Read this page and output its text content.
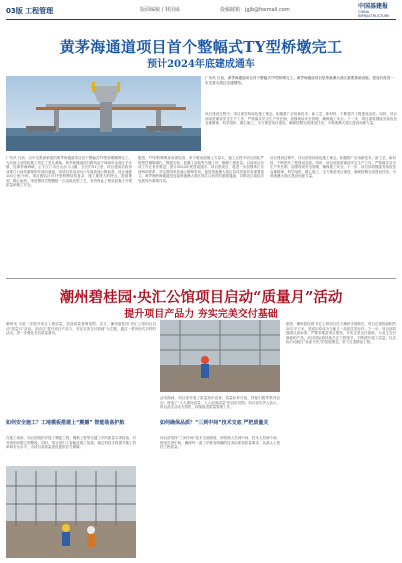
03版 工程管理	版面编辑 / 林国威	投稿邮箱：jgjb@foxmail.com	中国基建报
CHINA INFRASTRUCTURE
黄茅海通道项目首个整幅式TY型桥墩完工
预计2024年底建成通车
广东讯 日前，黄茅海通道项目首个整幅式TY型桥墩完工。黄茅海通道项目是粤港澳大湾区重要基础设施，建成后将进一步完善大湾区交通网络。
项目建设过程中，项目部坚持绿色施工理念，积极推广应用新技术、新工艺、新材料，不断提升工程建设品质。同时，项目部高度重视安全生产工作，严格落实安全生产责任制，加强现场安全管理，确保施工安全。下一步，项目部将继续发扬攻坚克难精神，科学组织、精心施工，全力推进项目建设，确保按期完成建设任务，为粤港澳大湾区建设贡献力量。
广东讯 日前，由中交集团承建的黄茅海通道项目首个整幅式TY型桥墩顺利完工，为后续上部结构施工奠定了坚实基础。黄茅海通道项目路线起于珠海市金湾区平沙镇，经黄茅海海域，止于江门市台山市斗山镇，全长约31公里，项目建成后将形成珠江口西岸重要的东西向通道。该项目采用双向六车道高速公路标准，设计速度100公里/小时。项目团队针对TY型桥墩结构复杂、施工难度大的特点，提前策划、精心组织，采用整体式钢模板一次浇筑成型工艺，有效保证了墩身混凝土外观质量和施工安全。
据悉，TY型桥墩墩身高度较高，单个墩身混凝土方量大，施工过程中项目团队严格把控钢筋绑扎、模板安装、混凝土浇筑等关键工序，确保工程质量。目前项目各项工作正有序推进，预计2024年底建成通车。项目建成后，将进一步加强珠江东西两岸联系，对完善国家高速公路网布局、促进粤港澳大湾区协同发展具有重要意义。黄茅海跨海通道是连接粤港澳大湾区珠江口西岸的重要通道，对推动区域经济发展具有重要作用。
项目建设过程中，项目部坚持绿色施工理念，积极推广应用新技术、新工艺、新材料，不断提升工程建设品质。同时，项目部高度重视安全生产工作，严格落实安全生产责任制，加强现场安全管理，确保施工安全。下一步，项目部将继续发扬攻坚克难精神，科学组织、精心施工，全力推进项目建设，确保按期完成建设任务，为粤港澳大湾区建设贡献力量。
潮州碧桂园·央汇公馆项目启动“质量月”活动
提升项目产品力 夯实完美交付基础
潮州讯 为进一步提升项目工程质量，营造质量管理氛围，近日，潮州碧桂园·央汇公馆项目启动“质量月”活动。活动以“提升项目产品力、夯实完美交付基础”为主题，通过一系列形式多样的活动，进一步强化全员质量意识。
如何安全施工？工地模板搭建上“震撼” 智能装备护航
在施工现场，项目部组织开展了模板工程、钢筋工程等关键工序的质量专项检查，对发现的问题立即整改。同时，项目部引入智能化施工装备，通过科技手段提升施工效率和安全水平，为项目高质量建设提供有力保障。
活动期间，项目部开展了质量知识竞赛、质量标杆评选、样板引路等系列活动，营造了“人人重视质量、人人创造质量”的良好氛围。项目部负责人表示，将以此次活动为契机，持续推进质量管理工作。
如何确保品质？“三到中间”技术交底 严把质量关
项目部坚持“三到中间”技术交底制度，即管理人员到中间、技术人员到中间、班组长到中间，确保每一道工序都有明确的技术标准和质量要求，从源头上把控工程质量。
据悉，潮州碧桂园·央汇公馆项目位于潮州市湘桥区，项目总建筑面积约20万平方米，建成后将成为当地又一品质住宅标杆。下一步，项目部将继续以高标准、严要求推进项目建设，夯实完美交付基础，为业主交付满意的产品。项目团队将持续关注工程细节，不断提升施工质量，以实际行动践行“品质为先”的发展理念，努力打造精品工程。
